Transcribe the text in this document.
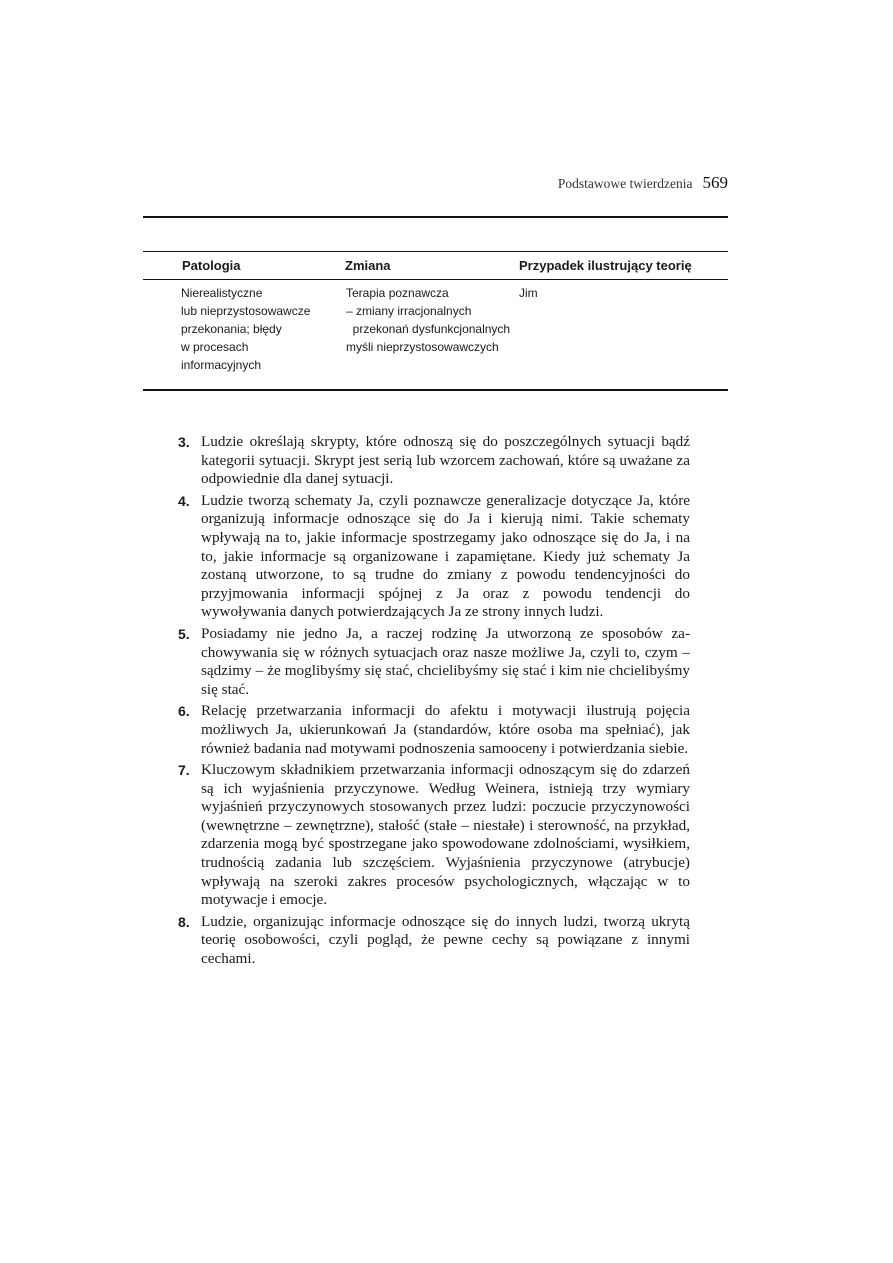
Podstawowe twierdzenia 569
Patologia	Zmiana	Przypadek ilustrujący teorię
Nierealistyczne
lub nieprzystosowawcze
przekonania; błędy
w procesach
informacyjnych
Terapia poznawcza
– zmiany irracjonalnych
przekonań dysfunkcjonalnych
myśli nieprzystosowawczych
Jim
3. Ludzie określają skrypty, które odnoszą się do poszczególnych sytuacji bądź kategorii sytuacji. Skrypt jest serią lub wzorcem zachowań, które są uważane za odpowiednie dla danej sytuacji.
4. Ludzie tworzą schematy Ja, czyli poznawcze generalizacje dotyczące Ja, które organizują informacje odnoszące się do Ja i kierują nimi. Takie schematy wpływają na to, jakie informacje spostrzegamy jako odnoszące się do Ja, i na to, jakie informacje są organizowane i zapamiętane. Kiedy już schematy Ja zostaną utworzone, to są trudne do zmiany z powodu tendencyjności do przyjmowania informacji spójnej z Ja oraz z powodu tendencji do wywoływania danych potwierdzających Ja ze strony innych ludzi.
5. Posiadamy nie jedno Ja, a raczej rodzinę Ja utworzoną ze sposobów zachowywania się w różnych sytuacjach oraz nasze możliwe Ja, czyli to, czym – sądzimy – że moglibyśmy się stać, chcielibyśmy się stać i kim nie chcielibyśmy się stać.
6. Relację przetwarzania informacji do afektu i motywacji ilustrują pojęcia możliwych Ja, ukierunkowań Ja (standardów, które osoba ma spełniać), jak również badania nad motywami podnoszenia samooceny i potwierdzania siebie.
7. Kluczowym składnikiem przetwarzania informacji odnoszącym się do zdarzeń są ich wyjaśnienia przyczynowe. Według Weinera, istnieją trzy wymiary wyjaśnień przyczynowych stosowanych przez ludzi: poczucie przyczynowości (wewnętrzne – zewnętrzne), stałość (stałe – niestałe) i sterowność, na przykład, zdarzenia mogą być spostrzegane jako spowodowane zdolnościami, wysiłkiem, trudnością zadania lub szczęściem. Wyjaśnienia przyczynowe (atrybucje) wpływają na szeroki zakres procesów psychologicznych, włączając w to motywacje i emocje.
8. Ludzie, organizując informacje odnoszące się do innych ludzi, tworzą ukrytą teorię osobowości, czyli pogląd, że pewne cechy są powiązane z innymi cechami.
